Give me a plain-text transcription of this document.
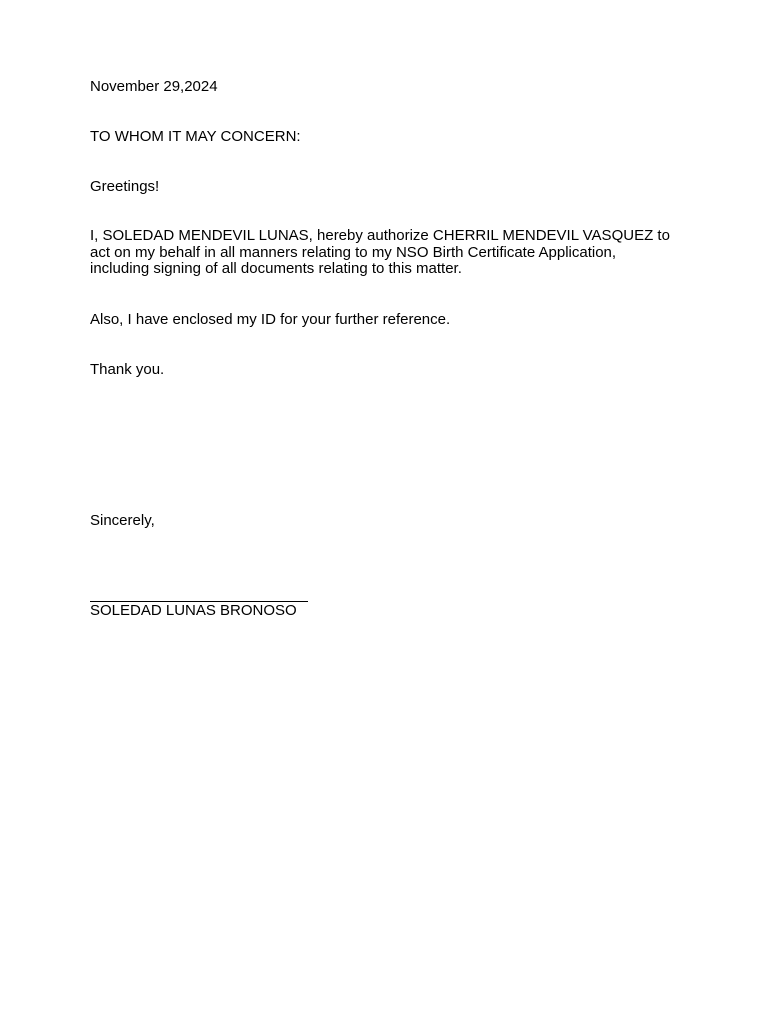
November 29,2024

TO WHOM IT MAY CONCERN:

Greetings!

I, SOLEDAD MENDEVIL LUNAS, hereby authorize CHERRIL MENDEVIL VASQUEZ to
act on my behalf in all manners relating to my NSO Birth Certificate Application,
including signing of all documents relating to this matter.

Also, I have enclosed my ID for your further reference.

Thank you.

Sincerely,

SOLEDAD LUNAS BRONOSO
